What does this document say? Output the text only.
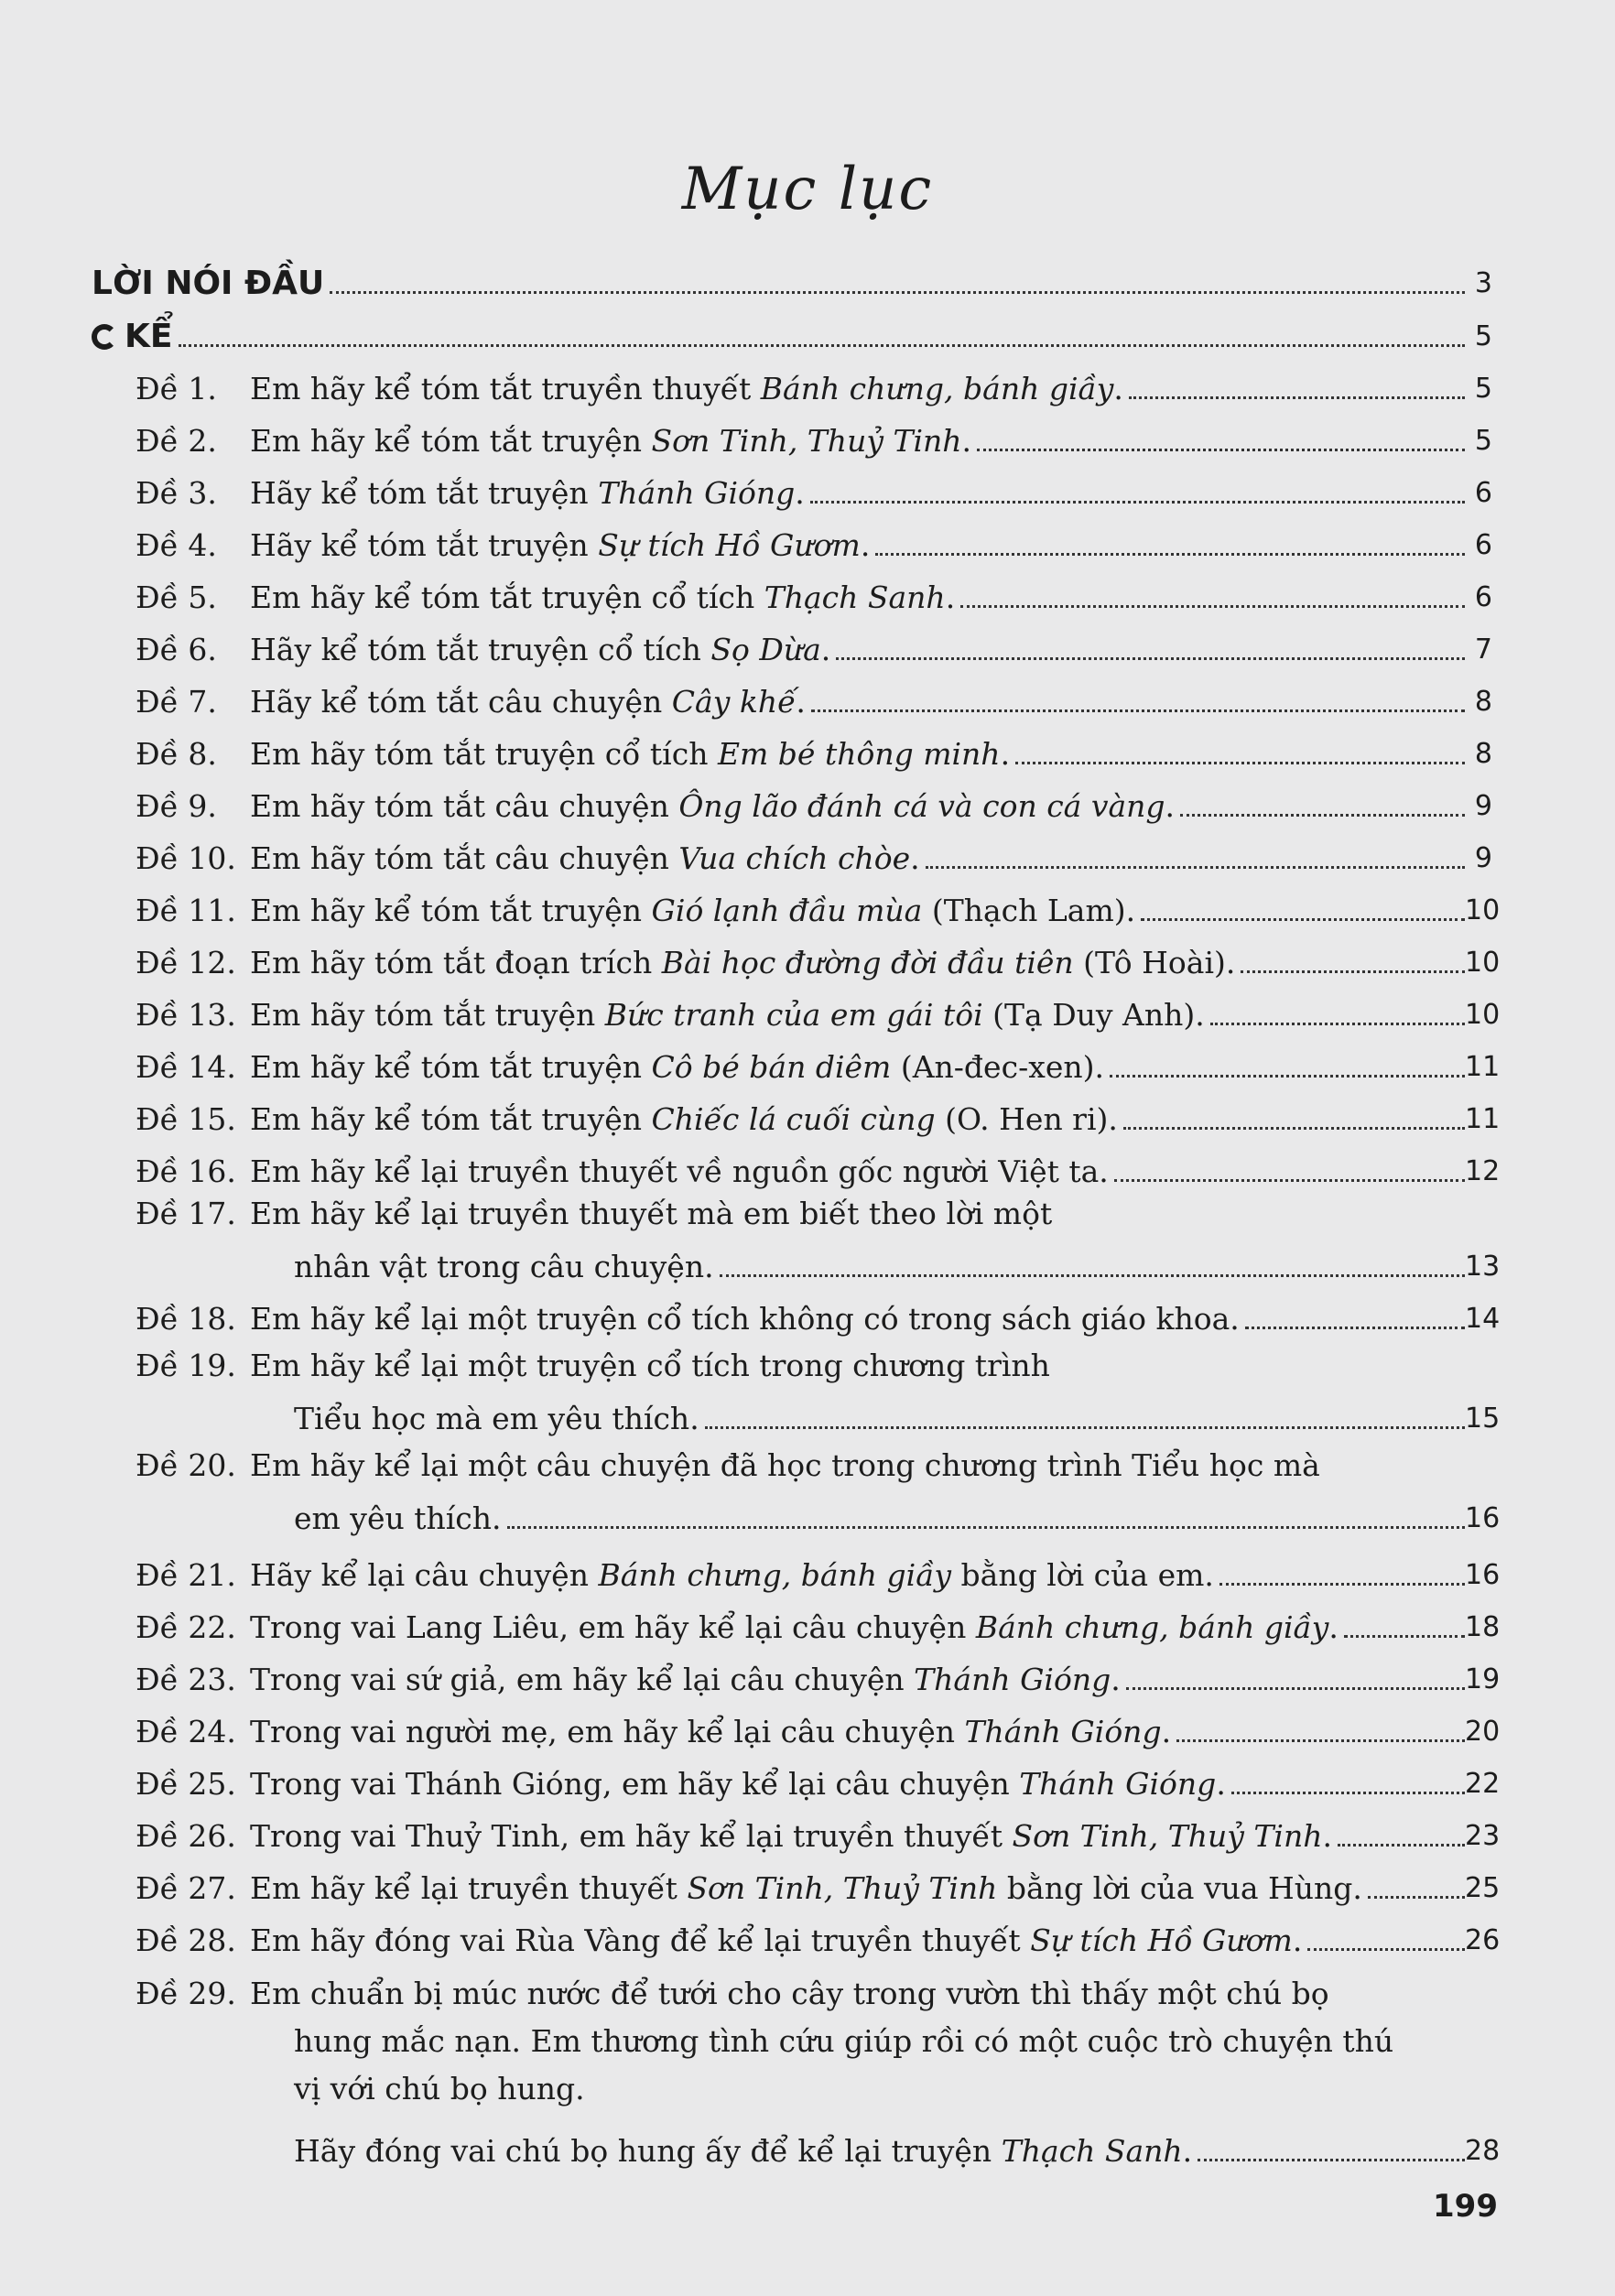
Mục lục
LỜI NÓI ĐẦU	3
KỂ	5
Đề 1. Em hãy kể tóm tắt truyền thuyết Bánh chưng, bánh giầy.	5
Đề 2. Em hãy kể tóm tắt truyện Sơn Tinh, Thuỷ Tinh.	5
Đề 3. Hãy kể tóm tắt truyện Thánh Gióng.	6
Đề 4. Hãy kể tóm tắt truyện Sự tích Hồ Gươm.	6
Đề 5. Em hãy kể tóm tắt truyện cổ tích Thạch Sanh.	6
Đề 6. Hãy kể tóm tắt truyện cổ tích Sọ Dừa.	7
Đề 7. Hãy kể tóm tắt câu chuyện Cây khế.	8
Đề 8. Em hãy tóm tắt truyện cổ tích Em bé thông minh.	8
Đề 9. Em hãy tóm tắt câu chuyện Ông lão đánh cá và con cá vàng.	9
Đề 10. Em hãy tóm tắt câu chuyện Vua chích chòe.	9
Đề 11. Em hãy kể tóm tắt truyện Gió lạnh đầu mùa (Thạch Lam).	10
Đề 12. Em hãy tóm tắt đoạn trích Bài học đường đời đầu tiên (Tô Hoài).	10
Đề 13. Em hãy tóm tắt truyện Bức tranh của em gái tôi (Tạ Duy Anh).	10
Đề 14. Em hãy kể tóm tắt truyện Cô bé bán diêm (An-đec-xen).	11
Đề 15. Em hãy kể tóm tắt truyện Chiếc lá cuối cùng (O. Hen ri).	11
Đề 16. Em hãy kể lại truyền thuyết về nguồn gốc người Việt ta.	12
Đề 17. Em hãy kể lại truyền thuyết mà em biết theo lời một
nhân vật trong câu chuyện.	13
Đề 18. Em hãy kể lại một truyện cổ tích không có trong sách giáo khoa.	14
Đề 19. Em hãy kể lại một truyện cổ tích trong chương trình
Tiểu học mà em yêu thích.	15
Đề 20. Em hãy kể lại một câu chuyện đã học trong chương trình Tiểu học mà
em yêu thích.	16
Đề 21. Hãy kể lại câu chuyện Bánh chưng, bánh giầy bằng lời của em.	16
Đề 22. Trong vai Lang Liêu, em hãy kể lại câu chuyện Bánh chưng, bánh giầy.	18
Đề 23. Trong vai sứ giả, em hãy kể lại câu chuyện Thánh Gióng.	19
Đề 24. Trong vai người mẹ, em hãy kể lại câu chuyện Thánh Gióng.	20
Đề 25. Trong vai Thánh Gióng, em hãy kể lại câu chuyện Thánh Gióng.	22
Đề 26. Trong vai Thuỷ Tinh, em hãy kể lại truyền thuyết Sơn Tinh, Thuỷ Tinh.	23
Đề 27. Em hãy kể lại truyền thuyết Sơn Tinh, Thuỷ Tinh bằng lời của vua Hùng.	25
Đề 28. Em hãy đóng vai Rùa Vàng để kể lại truyền thuyết Sự tích Hồ Gươm.	26
Đề 29. Em chuẩn bị múc nước để tưới cho cây trong vườn thì thấy một chú bọ
hung mắc nạn. Em thương tình cứu giúp rồi có một cuộc trò chuyện thú
vị với chú bọ hung.
Hãy đóng vai chú bọ hung ấy để kể lại truyện Thạch Sanh.	28
199
